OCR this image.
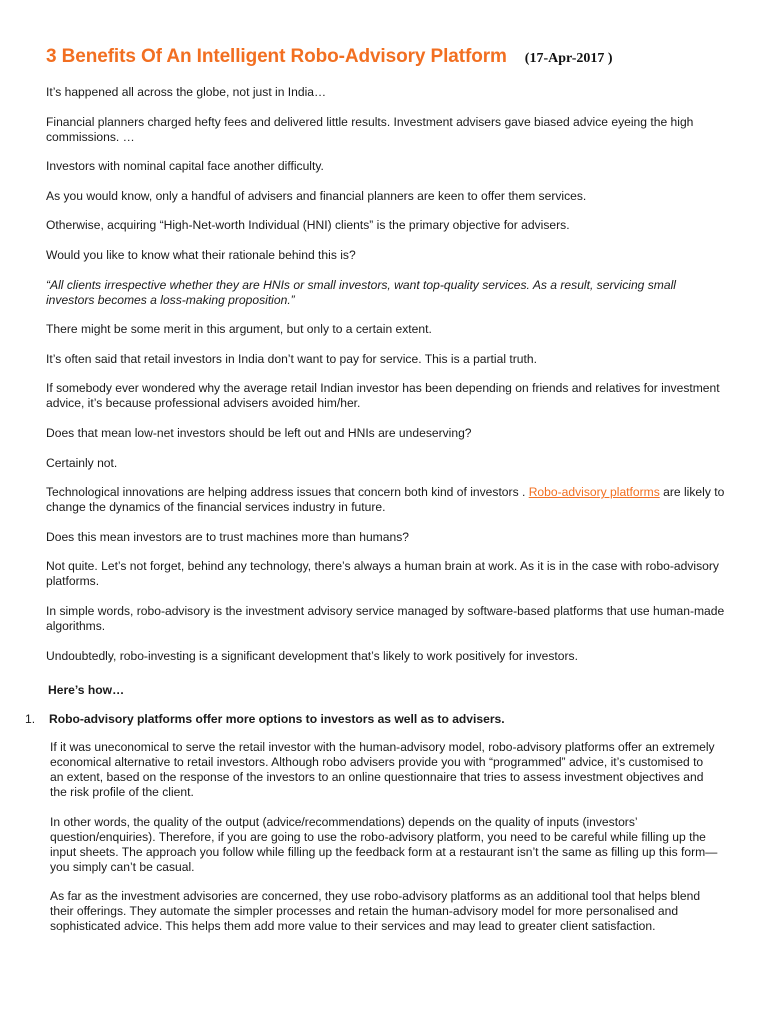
3 Benefits Of An Intelligent Robo-Advisory Platform (17-Apr-2017 )

It’s happened all across the globe, not just in India…

Financial planners charged hefty fees and delivered little results. Investment advisers gave biased advice eyeing the high commissions. …

Investors with nominal capital face another difficulty.

As you would know, only a handful of advisers and financial planners are keen to offer them services.

Otherwise, acquiring “High-Net-worth Individual (HNI) clients” is the primary objective for advisers.

Would you like to know what their rationale behind this is?

“All clients irrespective whether they are HNIs or small investors, want top-quality services. As a result, servicing small investors becomes a loss-making proposition.”

There might be some merit in this argument, but only to a certain extent.

It’s often said that retail investors in India don’t want to pay for service. This is a partial truth.

If somebody ever wondered why the average retail Indian investor has been depending on friends and relatives for investment advice, it’s because professional advisers avoided him/her.

Does that mean low-net investors should be left out and HNIs are undeserving?

Certainly not.

Technological innovations are helping address issues that concern both kind of investors . Robo-advisory platforms are likely to change the dynamics of the financial services industry in future.

Does this mean investors are to trust machines more than humans?

Not quite. Let’s not forget, behind any technology, there’s always a human brain at work. As it is in the case with robo-advisory platforms.

In simple words, robo-advisory is the investment advisory service managed by software-based platforms that use human-made algorithms.

Undoubtedly, robo-investing is a significant development that’s likely to work positively for investors.

Here’s how…
1. Robo-advisory platforms offer more options to investors as well as to advisers.

If it was uneconomical to serve the retail investor with the human-advisory model, robo-advisory platforms offer an extremely economical alternative to retail investors. Although robo advisers provide you with “programmed” advice, it’s customised to an extent, based on the response of the investors to an online questionnaire that tries to assess investment objectives and the risk profile of the client.

In other words, the quality of the output (advice/recommendations) depends on the quality of inputs (investors’ question/enquiries). Therefore, if you are going to use the robo-advisory platform, you need to be careful while filling up the input sheets. The approach you follow while filling up the feedback form at a restaurant isn’t the same as filling up this form—you simply can’t be casual.

As far as the investment advisories are concerned, they use robo-advisory platforms as an additional tool that helps blend their offerings. They automate the simpler processes and retain the human-advisory model for more personalised and sophisticated advice. This helps them add more value to their services and may lead to greater client satisfaction.
